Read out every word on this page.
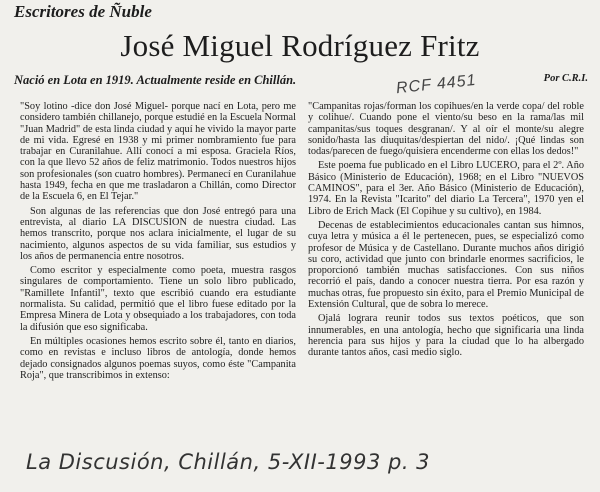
Escritores de Ñuble
José Miguel Rodríguez Fritz
Nació en Lota en 1919. Actualmente reside en Chillán.	Por C.R.I.
RCF 4451

"Soy lotino -dice don José Miguel- porque nací en Lota, pero me considero también chillanejo, porque estudié en la Escuela Normal "Juan Madrid" de esta linda ciudad y aquí he vivido la mayor parte de mi vida. Egresé en 1938 y mi primer nombramiento fue para trabajar en Curanilahue. Allí conocí a mi esposa. Graciela Ríos, con la que llevo 52 años de feliz matrimonio. Todos nuestros hijos son profesionales (son cuatro hombres). Permanecí en Curanilahue hasta 1949, fecha en que me trasladaron a Chillán, como Director de la Escuela 6, en El Tejar."

Son algunas de las referencias que don José entregó para una entrevista, al diario LA DISCUSION de nuestra ciudad. Las hemos transcrito, porque nos aclara inicialmente, el lugar de su nacimiento, algunos aspectos de su vida familiar, sus estudios y los años de permanencia entre nosotros.

Como escritor y especialmente como poeta, muestra rasgos singulares de comportamiento. Tiene un solo libro publicado, "Ramillete Infantil", texto que escribió cuando era estudiante normalista. Su calidad, permitió que el libro fuese editado por la Empresa Minera de Lota y obsequiado a los trabajadores, con toda la difusión que eso significaba.

En múltiples ocasiones hemos escrito sobre él, tanto en diarios, como en revistas e incluso libros de antología, donde hemos dejado consignados algunos poemas suyos, como éste "Campanita Roja", que transcribimos in extenso:

"Campanitas rojas/forman los copihues/en la verde copa/ del roble y colihue/. Cuando pone el viento/su beso en la rama/las mil campanitas/sus toques desgranan/. Y al oír el monte/su alegre sonido/hasta las diuquitas/despiertan del nido/. ¡Qué lindas son todas/parecen de fuego/quisiera encenderme con ellas los dedos!"

Este poema fue publicado en el Libro LUCERO, para el 2º. Año Básico (Ministerio de Educación), 1968; en el Libro "NUEVOS CAMINOS", para el 3er. Año Básico (Ministerio de Educación), 1974. En la Revista "Icarito" del diario La Tercera", 1970 yen el Libro de Erich Mack (El Copihue y su cultivo), en 1984.

Decenas de establecimientos educacionales cantan sus himnos, cuya letra y música a él le pertenecen, pues, se especializó como profesor de Música y de Castellano. Durante muchos años dirigió su coro, actividad que junto con brindarle enormes sacrificios, le proporcionó también muchas satisfacciones. Con sus niños recorrió el país, dando a conocer nuestra tierra. Por esa razón y muchas otras, fue propuesto sin éxito, para el Premio Municipal de Extensión Cultural, que de sobra lo merece.

Ojalá lograra reunir todos sus textos poéticos, que son innumerables, en una antología, hecho que significaria una linda herencia para sus hijos y para la ciudad que lo ha albergado durante tantos años, casi medio siglo.

La Discusión, Chillán, 5-XII-1993 p. 3
